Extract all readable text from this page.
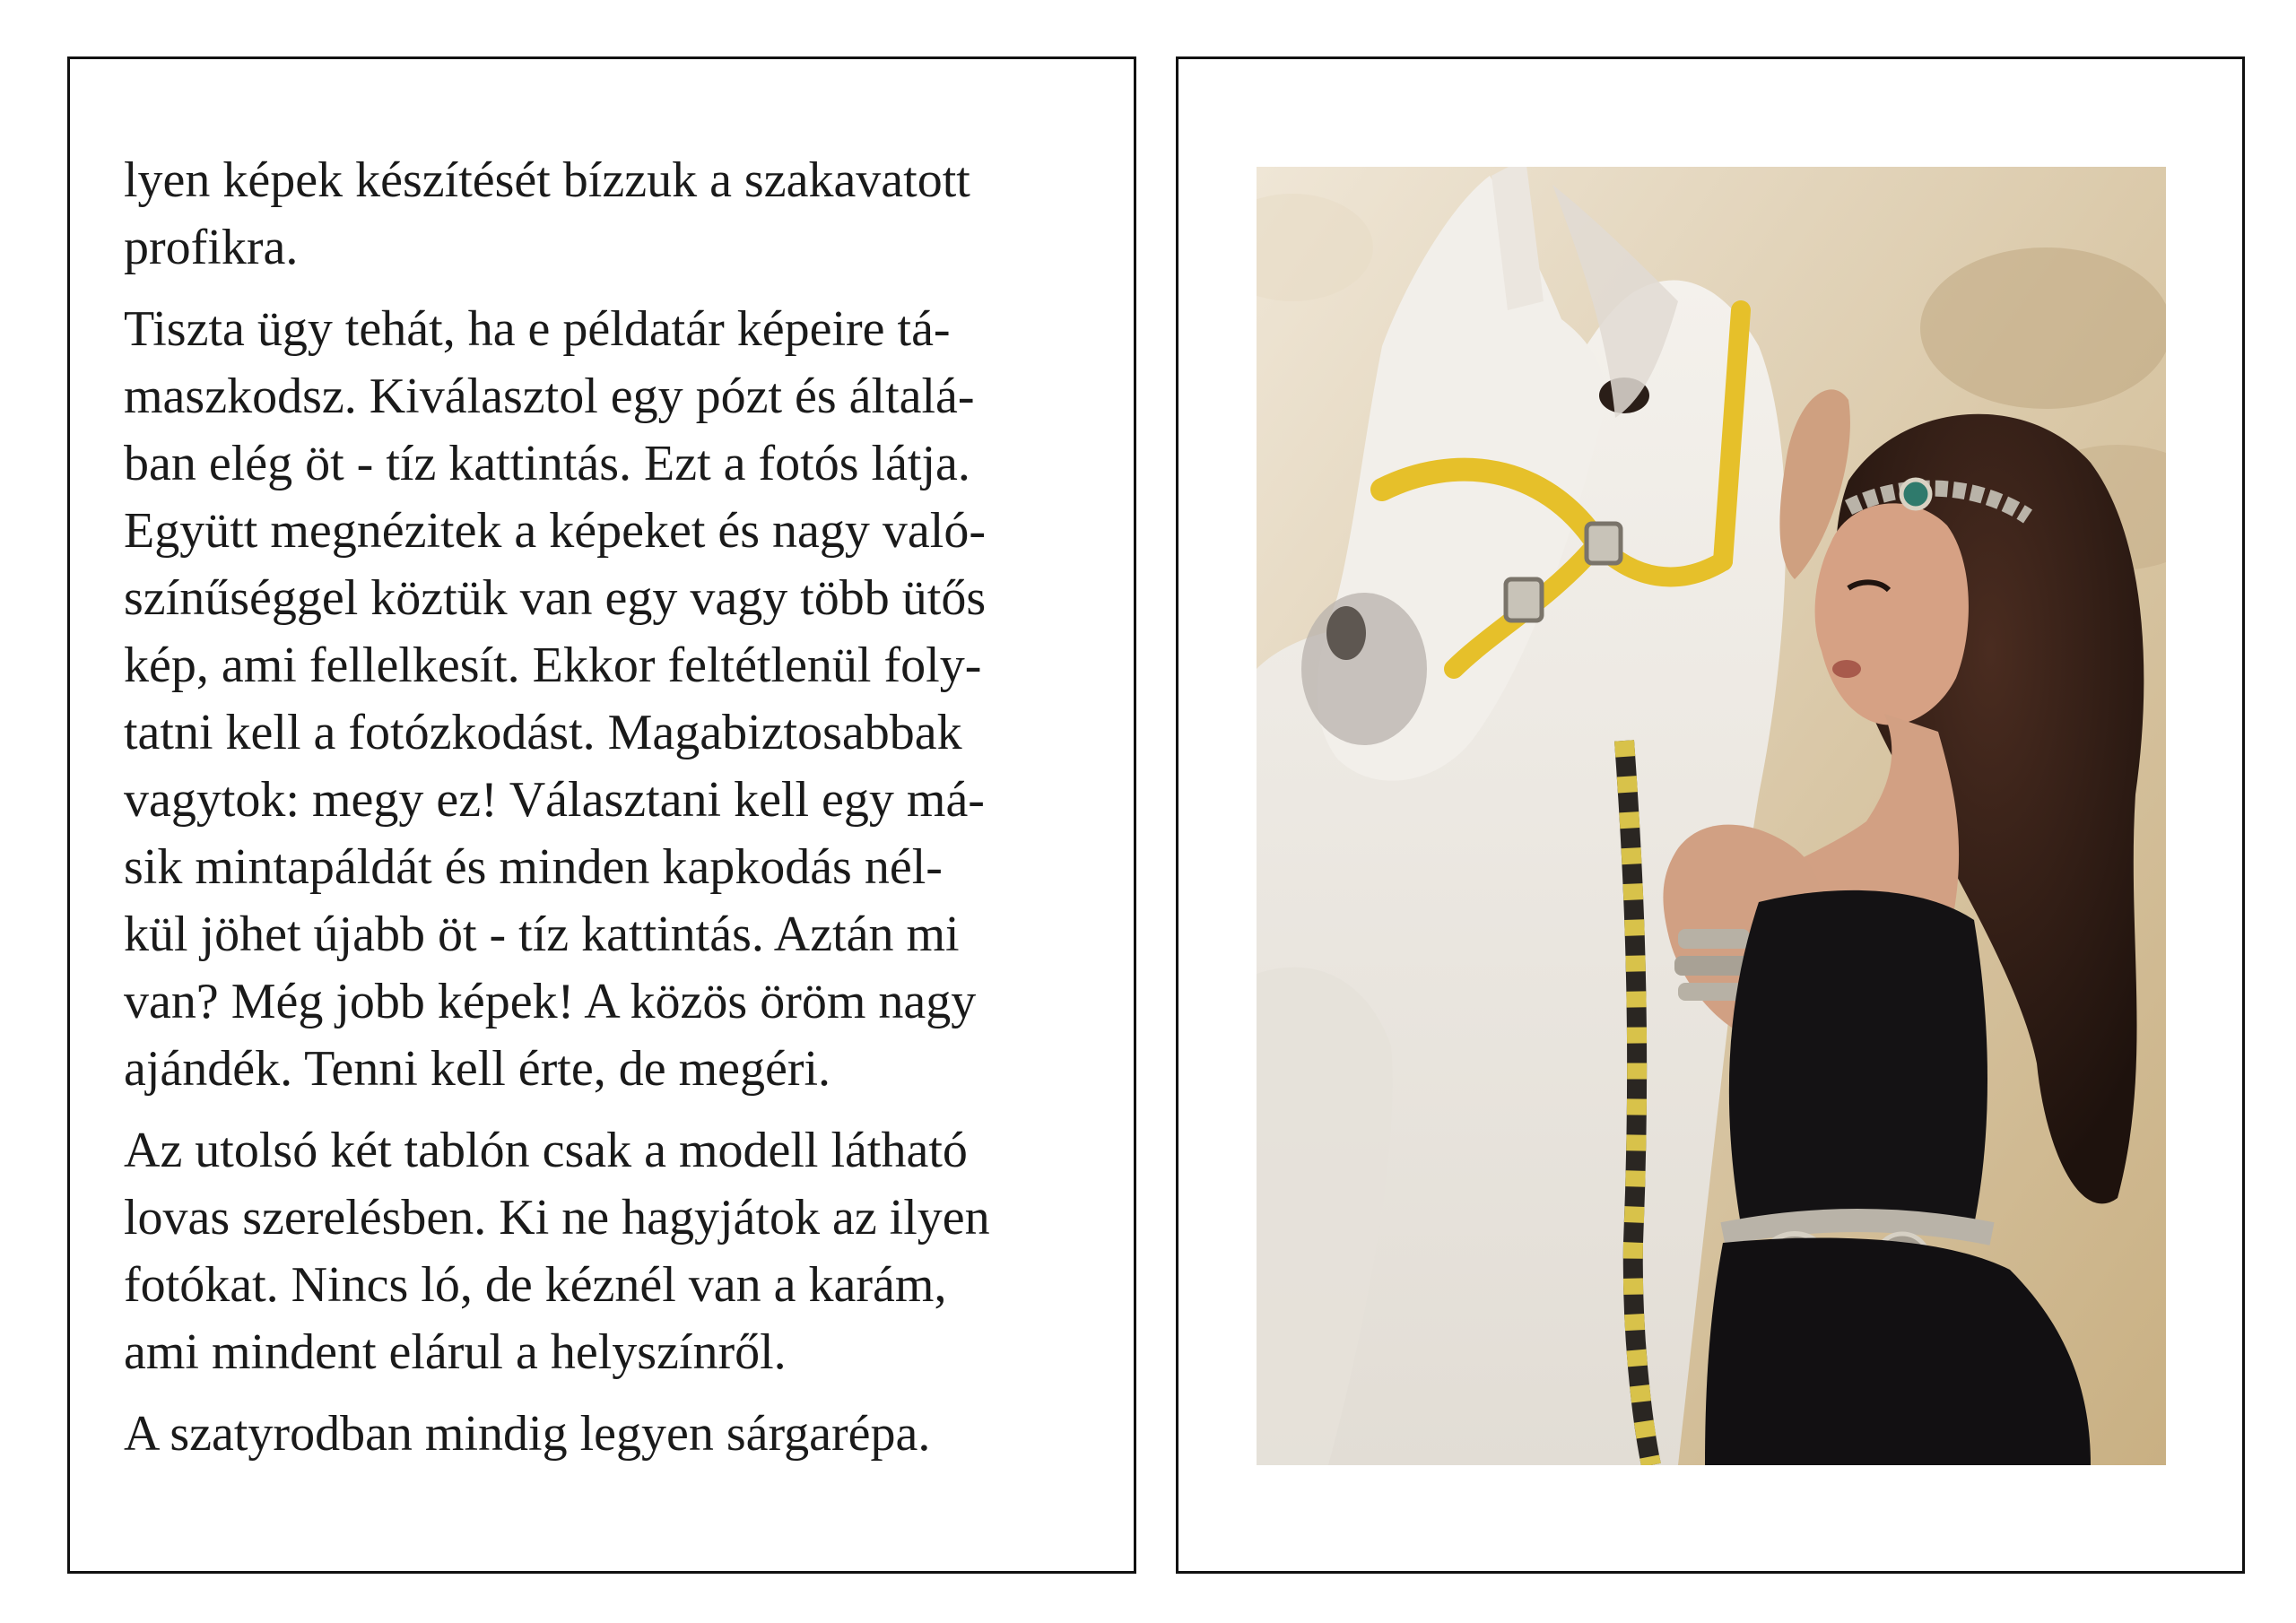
lyen képek készítését bízzuk a szakavatott
profikra.

Tiszta ügy tehát, ha e példatár képeire tá-
maszkodsz. Kiválasztol egy pózt és általá-
ban elég öt - tíz kattintás. Ezt a fotós látja.
Együtt megnézitek a képeket és nagy való-
színűséggel köztük van egy vagy több ütős
kép, ami fellelkesít. Ekkor feltétlenül foly-
tatni kell a fotózkodást. Magabiztosabbak
vagytok: megy ez! Választani kell egy má-
sik mintapáldát és minden kapkodás nél-
kül jöhet újabb öt - tíz kattintás. Aztán mi
van? Még jobb képek! A közös öröm nagy
ajándék. Tenni kell érte, de megéri.

Az utolsó két tablón csak a modell látható
lovas szerelésben. Ki ne hagyjátok az ilyen
fotókat. Nincs ló, de kéznél van a karám,
ami mindent elárul a helyszínről.

A szatyrodban mindig legyen sárgarépa.
